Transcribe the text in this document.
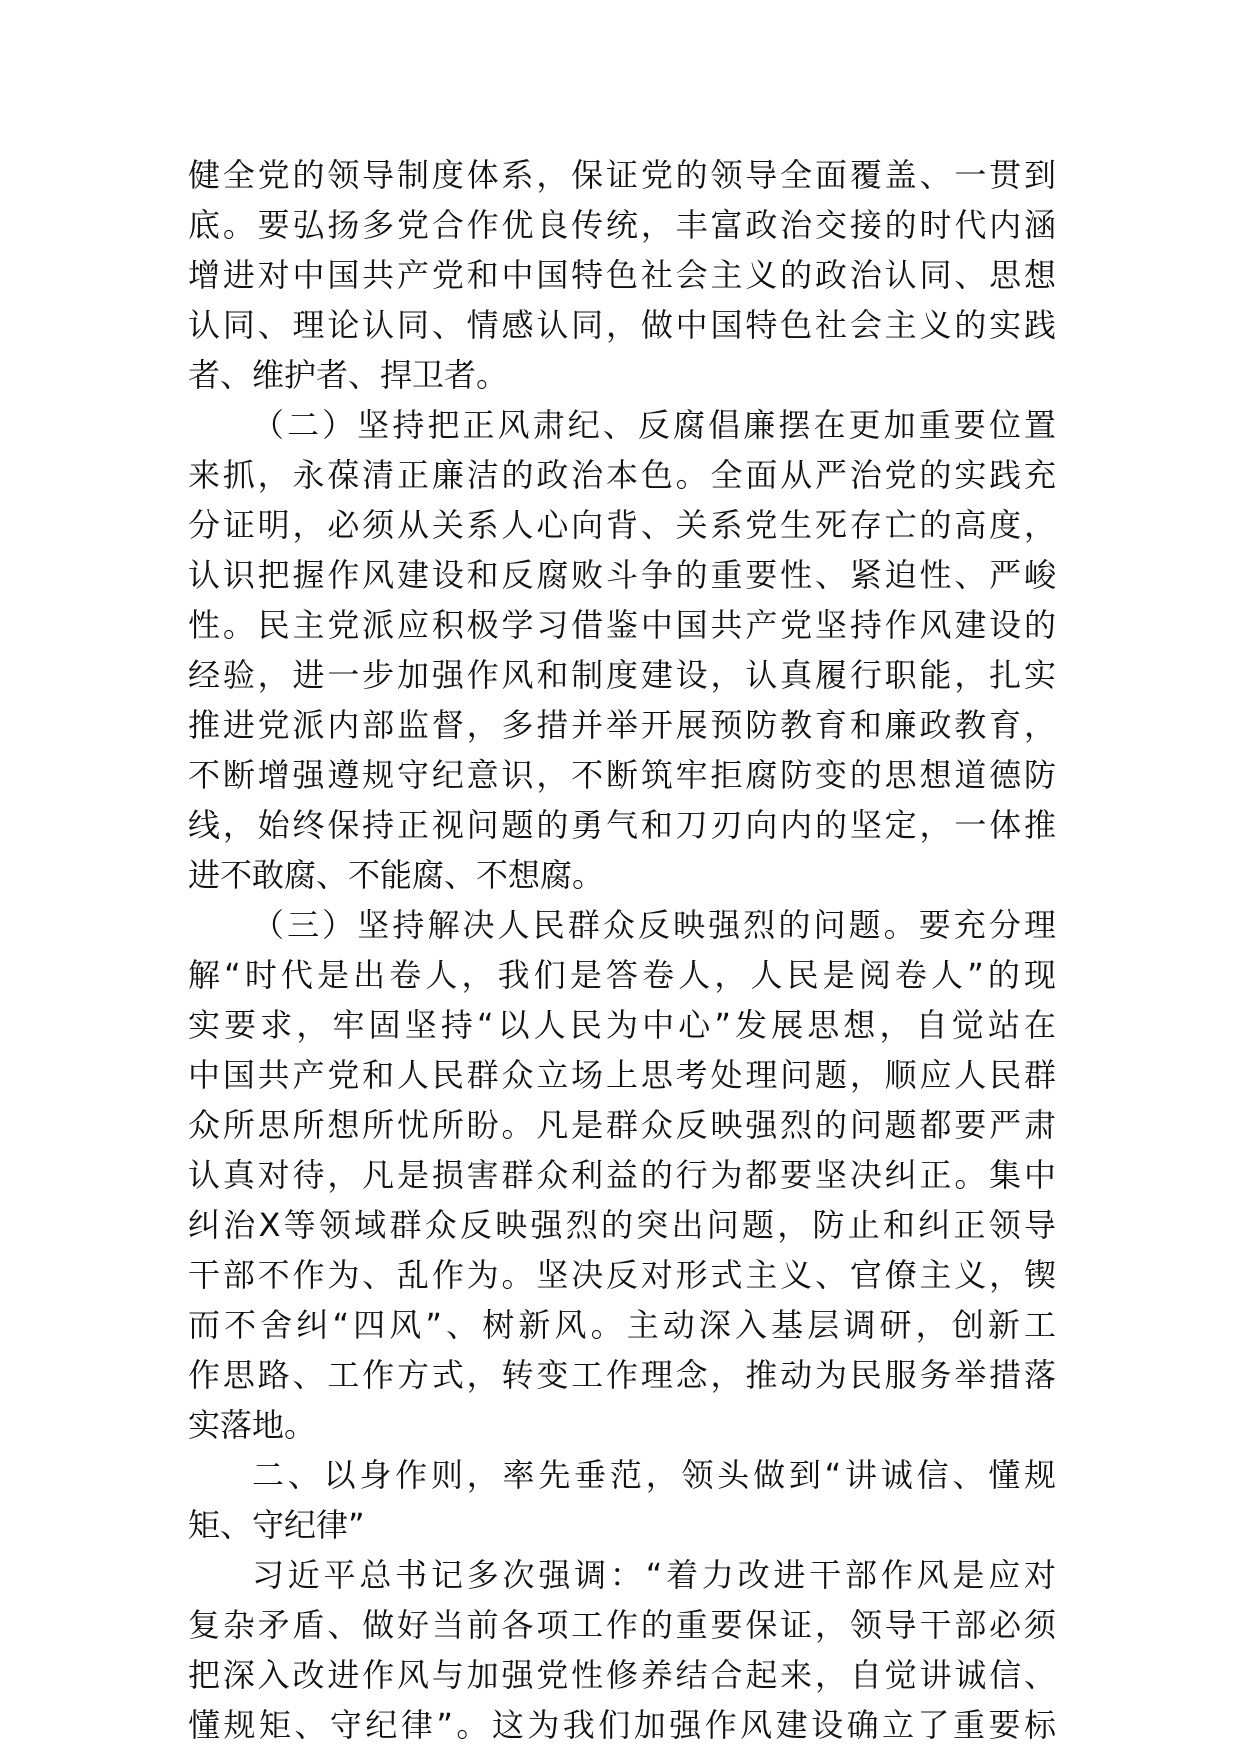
健全党的领导制度体系，保证党的领导全面覆盖、一贯到
底。要弘扬多党合作优良传统，丰富政治交接的时代内涵
增进对中国共产党和中国特色社会主义的政治认同、思想
认同、理论认同、情感认同，做中国特色社会主义的实践
者、维护者、捍卫者。
（二）坚持把正风肃纪、反腐倡廉摆在更加重要位置
来抓，永葆清正廉洁的政治本色。全面从严治党的实践充
分证明，必须从关系人心向背、关系党生死存亡的高度，
认识把握作风建设和反腐败斗争的重要性、紧迫性、严峻
性。民主党派应积极学习借鉴中国共产党坚持作风建设的
经验，进一步加强作风和制度建设，认真履行职能，扎实
推进党派内部监督，多措并举开展预防教育和廉政教育，
不断增强遵规守纪意识，不断筑牢拒腐防变的思想道德防
线，始终保持正视问题的勇气和刀刃向内的坚定，一体推
进不敢腐、不能腐、不想腐。
（三）坚持解决人民群众反映强烈的问题。要充分理
解“时代是出卷人，我们是答卷人，人民是阅卷人”的现
实要求，牢固坚持“以人民为中心”发展思想，自觉站在
中国共产党和人民群众立场上思考处理问题，顺应人民群
众所思所想所忧所盼。凡是群众反映强烈的问题都要严肃
认真对待，凡是损害群众利益的行为都要坚决纠正。集中
纠治X等领域群众反映强烈的突出问题，防止和纠正领导
干部不作为、乱作为。坚决反对形式主义、官僚主义，锲
而不舍纠“四风”、树新风。主动深入基层调研，创新工
作思路、工作方式，转变工作理念，推动为民服务举措落
实落地。
二、以身作则，率先垂范，领头做到“讲诚信、懂规
矩、守纪律”
习近平总书记多次强调：“着力改进干部作风是应对
复杂矛盾、做好当前各项工作的重要保证，领导干部必须
把深入改进作风与加强党性修养结合起来，自觉讲诚信、
懂规矩、守纪律”。这为我们加强作风建设确立了重要标
